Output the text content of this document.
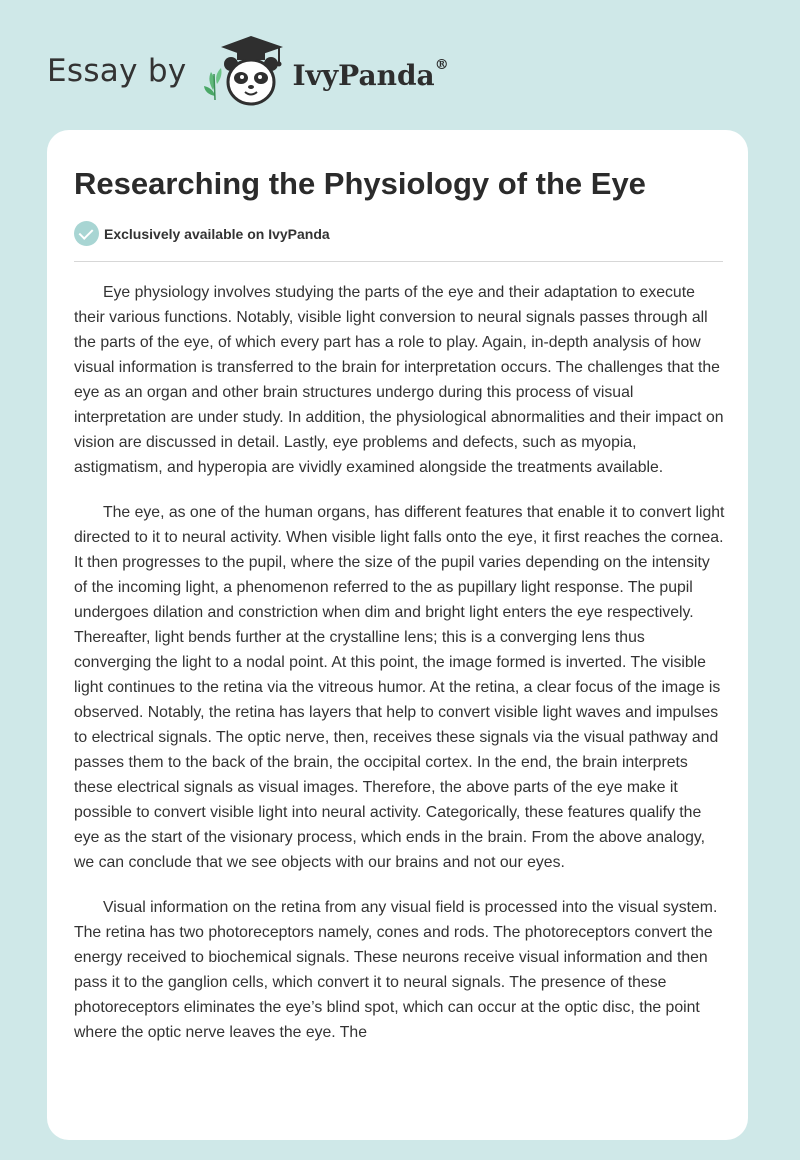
Essay by	IvyPanda®
Researching the Physiology of the Eye
Exclusively available on IvyPanda

Eye physiology involves studying the parts of the eye and their adaptation to execute their various functions. Notably, visible light conversion to neural signals passes through all the parts of the eye, of which every part has a role to play. Again, in-depth analysis of how visual information is transferred to the brain for interpretation occurs. The challenges that the eye as an organ and other brain structures undergo during this process of visual interpretation are under study. In addition, the physiological abnormalities and their impact on vision are discussed in detail. Lastly, eye problems and defects, such as myopia, astigmatism, and hyperopia are vividly examined alongside the treatments available.

The eye, as one of the human organs, has different features that enable it to convert light directed to it to neural activity. When visible light falls onto the eye, it first reaches the cornea. It then progresses to the pupil, where the size of the pupil varies depending on the intensity of the incoming light, a phenomenon referred to the as pupillary light response. The pupil undergoes dilation and constriction when dim and bright light enters the eye respectively. Thereafter, light bends further at the crystalline lens; this is a converging lens thus converging the light to a nodal point. At this point, the image formed is inverted. The visible light continues to the retina via the vitreous humor. At the retina, a clear focus of the image is observed. Notably, the retina has layers that help to convert visible light waves and impulses to electrical signals. The optic nerve, then, receives these signals via the visual pathway and passes them to the back of the brain, the occipital cortex. In the end, the brain interprets these electrical signals as visual images. Therefore, the above parts of the eye make it possible to convert visible light into neural activity. Categorically, these features qualify the eye as the start of the visionary process, which ends in the brain. From the above analogy, we can conclude that we see objects with our brains and not our eyes.

Visual information on the retina from any visual field is processed into the visual system. The retina has two photoreceptors namely, cones and rods. The photoreceptors convert the energy received to biochemical signals. These neurons receive visual information and then pass it to the ganglion cells, which convert it to neural signals. The presence of these photoreceptors eliminates the eye’s blind spot, which can occur at the optic disc, the point where the optic nerve leaves the eye. The
